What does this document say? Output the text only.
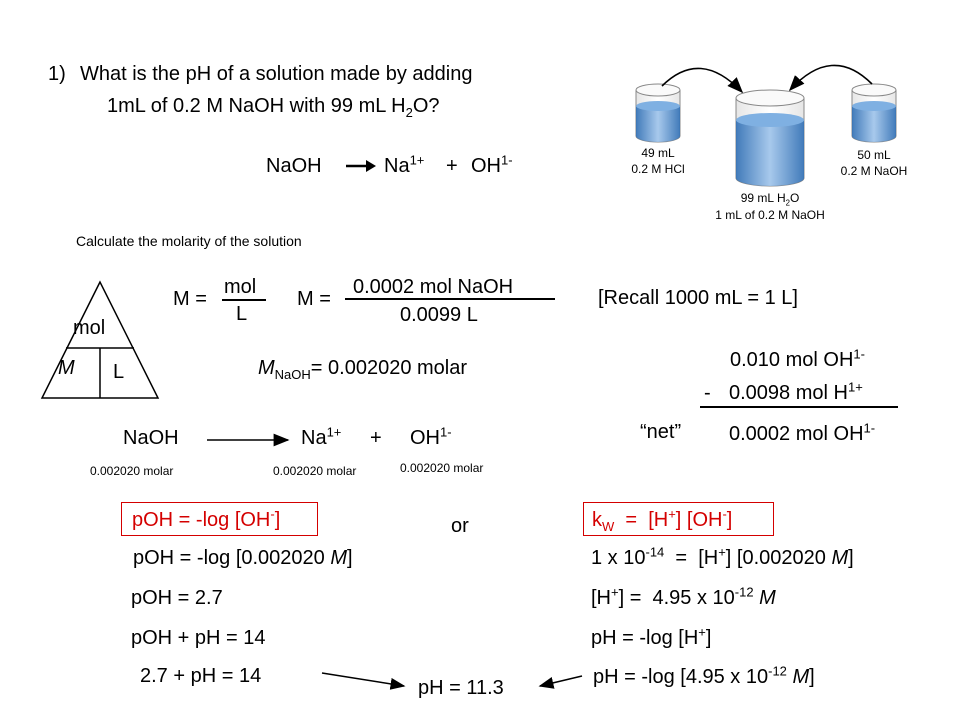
1) What is the pH of a solution made by adding
1mL of 0.2 M NaOH with 99 mL $H_2O$?
NaOH	$Na^{1+} + OH^{1-}$	49 mL
0.2 M HCl
50 mL
0.2 M NaOH
99 mL $H_2O$
1 mL of 0.2 M NaOH
Calculate the molarity of the solution
mol
M L
M =
mol
L
M =
0.0002 mol NaOH
0.0099 L
[Recall 1000 mL = 1 L]
$M_{NaOH}= 0.002020$ molar	0.010 mol $OH^{1-}$
- 0.0098 mol $H^{1+}$
“net” 0.0002 mol $OH^{1-}$
NaOH	$Na^{1+} + OH^{1-}$
0.002020 molar	0.002020 molar	0.002020 molar
pOH = -log [OH-]
pOH = -log [0.002020 M]
pOH = 2.7
pOH + pH = 14
2.7 + pH = 14
or	$k_W = [H^+]$ [OH-]
1 x $10^{-14} = [H^+]$ [0.002020 M]
[H+] =  4.95 x $10^{-12}$ M
pH = -log [H+]
pH = -log [4.95 x $10^{-12}$ M]
pH = 11.3
